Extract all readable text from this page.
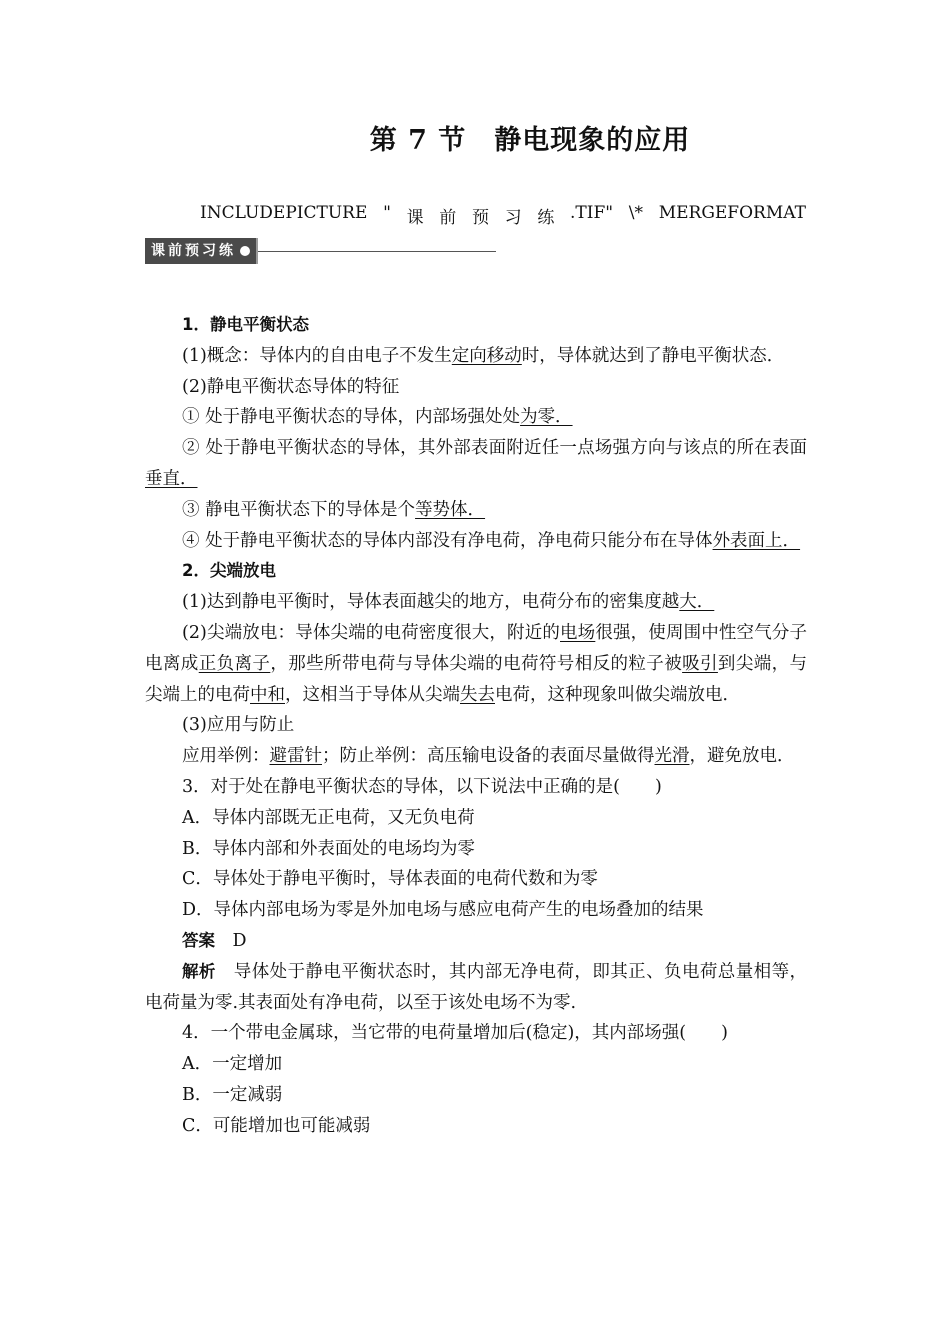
第 7 节　静电现象的应用
INCLUDEPICTURE " 课 前 预 习 练 .TIF" \* MERGEFORMAT
课前预习练

1．静电平衡状态

(1)概念：导体内的自由电子不发生定向移动时，导体就达到了静电平衡状态．

(2)静电平衡状态导体的特征

① 处于静电平衡状态的导体，内部场强处处为零．

② 处于静电平衡状态的导体，其外部表面附近任一点场强方向与该点的所在表面垂直．

③ 静电平衡状态下的导体是个等势体．

④ 处于静电平衡状态的导体内部没有净电荷，净电荷只能分布在导体外表面上．

2．尖端放电

(1)达到静电平衡时，导体表面越尖的地方，电荷分布的密集度越大．

(2)尖端放电：导体尖端的电荷密度很大，附近的电场很强，使周围中性空气分子电离成正负离子，那些所带电荷与导体尖端的电荷符号相反的粒子被吸引到尖端，与尖端上的电荷中和，这相当于导体从尖端失去电荷，这种现象叫做尖端放电．

(3)应用与防止

应用举例：避雷针；防止举例：高压输电设备的表面尽量做得光滑，避免放电．

3．对于处在静电平衡状态的导体，以下说法中正确的是(　　)

A．导体内部既无正电荷，又无负电荷

B．导体内部和外表面处的电场均为零

C．导体处于静电平衡时，导体表面的电荷代数和为零

D．导体内部电场为零是外加电场与感应电荷产生的电场叠加的结果

答案　D

解析　导体处于静电平衡状态时，其内部无净电荷，即其正、负电荷总量相等，电荷量为零.其表面处有净电荷，以至于该处电场不为零.

4．一个带电金属球，当它带的电荷量增加后(稳定)，其内部场强(　　)

A．一定增加

B．一定减弱

C．可能增加也可能减弱
